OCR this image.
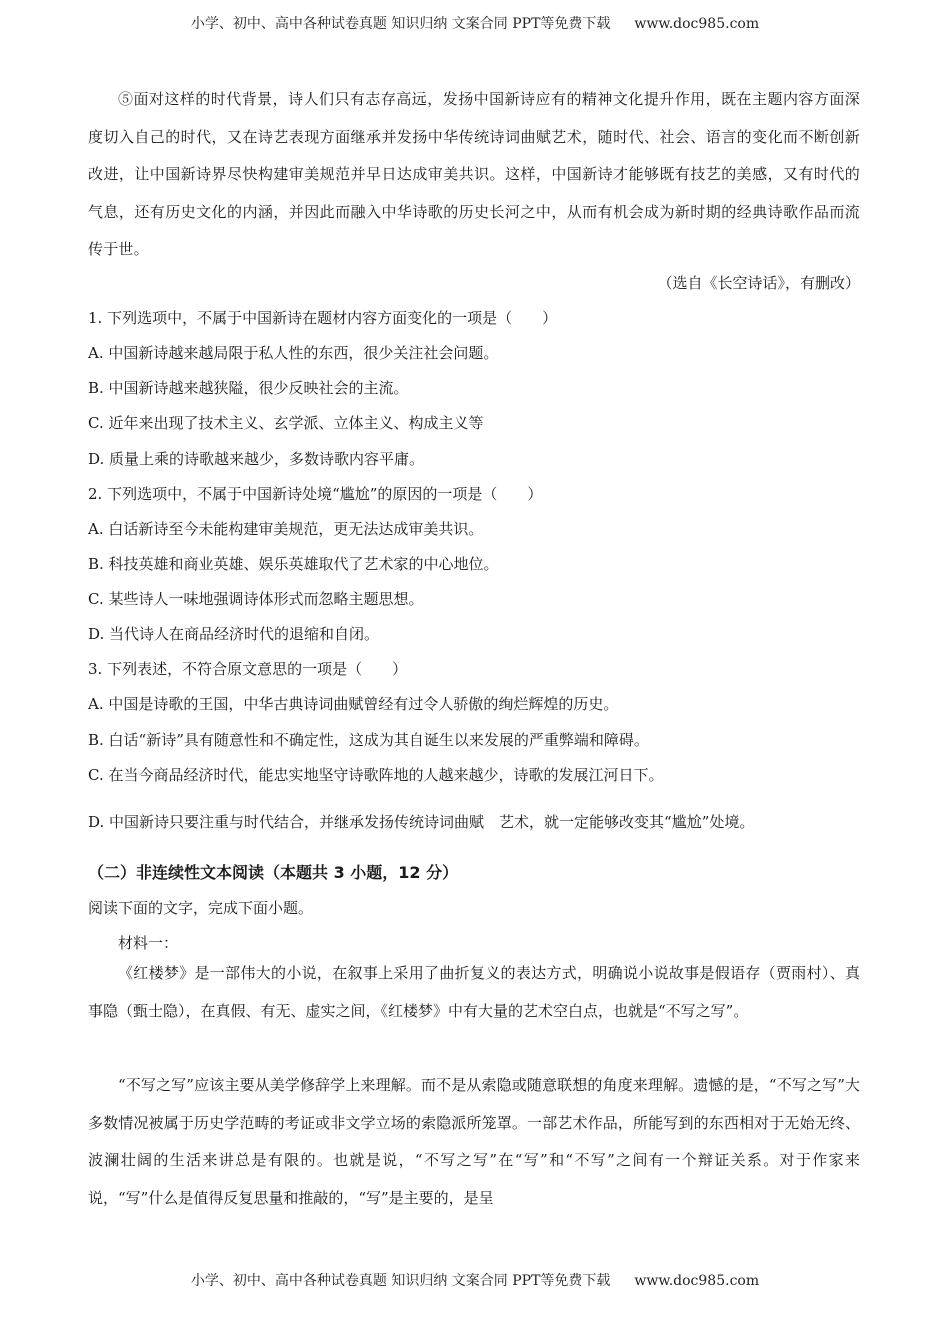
小学、初中、高中各种试卷真题 知识归纳 文案合同 PPT等免费下载 www.doc985.com
⑤面对这样的时代背景，诗人们只有志存高远，发扬中国新诗应有的精神文化提升作用，既在主题内容方面深度切入自己的时代，又在诗艺表现方面继承并发扬中华传统诗词曲赋艺术，随时代、社会、语言的变化而不断创新改进，让中国新诗界尽快构建审美规范并早日达成审美共识。这样，中国新诗才能够既有技艺的美感，又有时代的气息，还有历史文化的内涵，并因此而融入中华诗歌的历史长河之中，从而有机会成为新时期的经典诗歌作品而流传于世。
（选自《长空诗话》，有删改）
1. 下列选项中，不属于中国新诗在题材内容方面变化的一项是（　　）
A. 中国新诗越来越局限于私人性的东西，很少关注社会问题。
B. 中国新诗越来越狭隘，很少反映社会的主流。
C. 近年来出现了技术主义、玄学派、立体主义、构成主义等
D. 质量上乘的诗歌越来越少，多数诗歌内容平庸。
2. 下列选项中，不属于中国新诗处境“尴尬”的原因的一项是（　　）
A. 白话新诗至今未能构建审美规范，更无法达成审美共识。
B. 科技英雄和商业英雄、娱乐英雄取代了艺术家的中心地位。
C. 某些诗人一味地强调诗体形式而忽略主题思想。
D. 当代诗人在商品经济时代的退缩和自闭。
3. 下列表述，不符合原文意思的一项是（　　）
A. 中国是诗歌的王国，中华古典诗词曲赋曾经有过令人骄傲的绚烂辉煌的历史。
B. 白话“新诗”具有随意性和不确定性，这成为其自诞生以来发展的严重弊端和障碍。
C. 在当今商品经济时代，能忠实地坚守诗歌阵地的人越来越少，诗歌的发展江河日下。
D. 中国新诗只要注重与时代结合，并继承发扬传统诗词曲赋　艺术，就一定能够改变其“尴尬”处境。
（二）非连续性文本阅读（本题共 3 小题，12 分）
阅读下面的文字，完成下面小题。
材料一：
《红楼梦》是一部伟大的小说，在叙事上采用了曲折复义的表达方式，明确说小说故事是假语存（贾雨村）、真事隐（甄士隐），在真假、有无、虚实之间，《红楼梦》中有大量的艺术空白点，也就是“不写之写”。
“不写之写”应该主要从美学修辞学上来理解。而不是从索隐或随意联想的角度来理解。遗憾的是，“不写之写”大多数情况被属于历史学范畴的考证或非文学立场的索隐派所笼罩。一部艺术作品，所能写到的东西相对于无始无终、波澜壮阔的生活来讲总是有限的。也就是说，“不写之写”在“写”和“不写”之间有一个辩证关系。对于作家来说，“写”什么是值得反复思量和推敲的，“写”是主要的，是呈
小学、初中、高中各种试卷真题 知识归纳 文案合同 PPT等免费下载 www.doc985.com
